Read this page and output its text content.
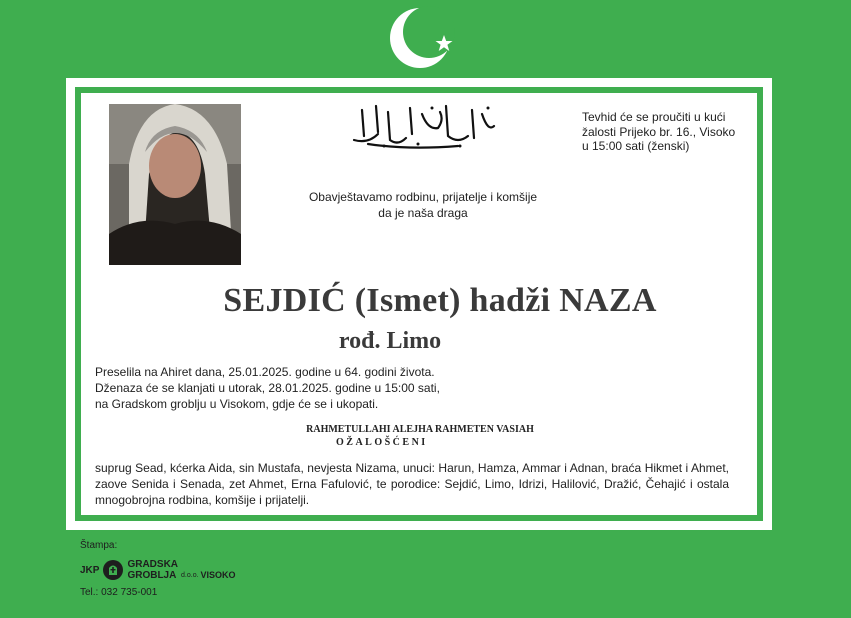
Tevhid će se proučiti u kući
žalosti Prijeko br. 16., Visoko
u 15:00 sati (ženski)
Obavještavamo rodbinu, prijatelje i komšije
da je naša draga
SEJDIĆ (Ismet) hadži NAZA
rođ. Limo
Preselila na Ahiret dana, 25.01.2025. godine u 64. godini života.
Dženaza će se klanjati u utorak, 28.01.2025. godine u 15:00 sati,
na Gradskom groblju u Visokom, gdje će se i ukopati.
RAHMETULLAHI ALEJHA RAHMETEN VASIAH
OŽALOŠĆENI
suprug Sead, kćerka Aida, sin Mustafa, nevjesta Nizama, unuci: Harun, Hamza, Ammar i Adnan, braća Hikmet i Ahmet, zaove Senida i Senada, zet Ahmet, Erna Fafulović, te porodice: Sejdić, Limo, Idrizi, Halilović, Dražić, Čehajić i ostala mnogobrojna rodbina, komšije i prijatelji.
Štampa:
JKP	GRADSKA
GROBLJA d.o.o. VISOKO
Tel.: 032 735-001
